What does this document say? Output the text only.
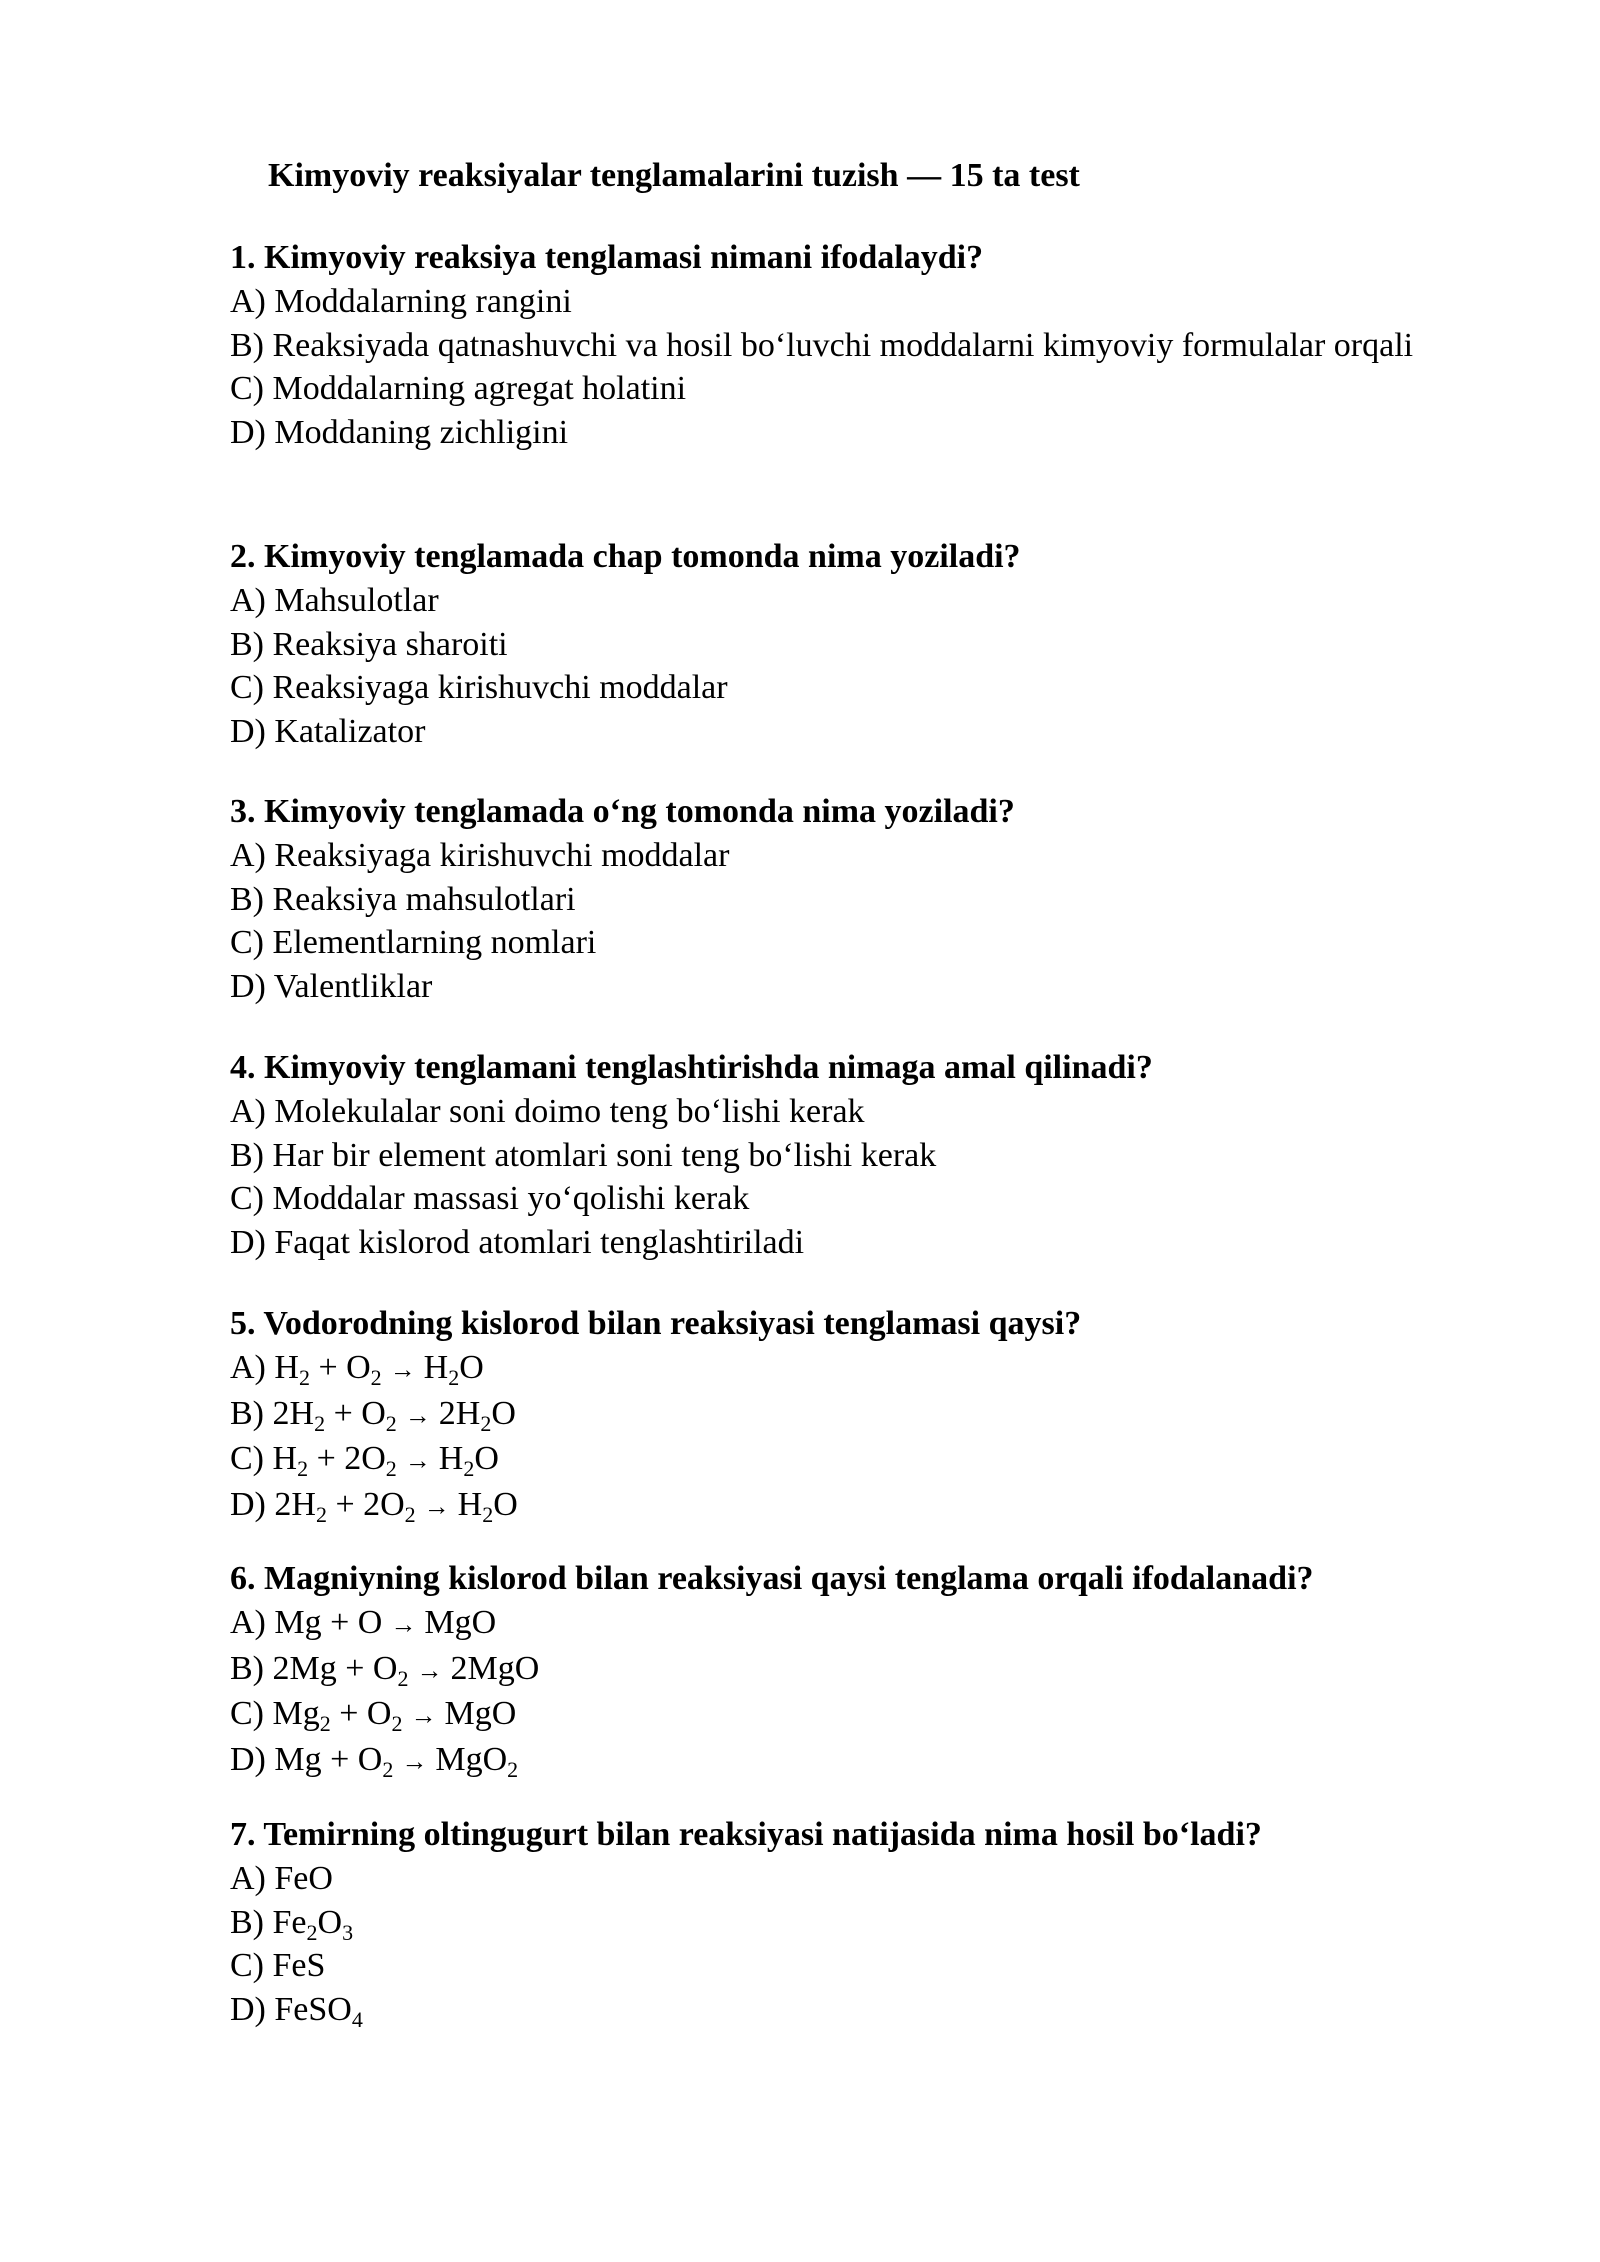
Kimyoviy reaksiyalar tenglamalarini tuzish — 15 ta test
1. Kimyoviy reaksiya tenglamasi nimani ifodalaydi?
A) Moddalarning rangini
B) Reaksiyada qatnashuvchi va hosil bo‘luvchi moddalarni kimyoviy formulalar orqali
C) Moddalarning agregat holatini
D) Moddaning zichligini
2. Kimyoviy tenglamada chap tomonda nima yoziladi?
A) Mahsulotlar
B) Reaksiya sharoiti
C) Reaksiyaga kirishuvchi moddalar
D) Katalizator
3. Kimyoviy tenglamada o‘ng tomonda nima yoziladi?
A) Reaksiyaga kirishuvchi moddalar
B) Reaksiya mahsulotlari
C) Elementlarning nomlari
D) Valentliklar
4. Kimyoviy tenglamani tenglashtirishda nimaga amal qilinadi?
A) Molekulalar soni doimo teng bo‘lishi kerak
B) Har bir element atomlari soni teng bo‘lishi kerak
C) Moddalar massasi yo‘qolishi kerak
D) Faqat kislorod atomlari tenglashtiriladi
5. Vodorodning kislorod bilan reaksiyasi tenglamasi qaysi?
A) $H_2 + O_2 \to H_2O$
B) $2H_2 + O_2 \to 2H_2O$
C) $H_2 + 2O_2 \to H_2O$
D) $2H_2 + 2O_2 \to H_2O$
6. Magniyning kislorod bilan reaksiyasi qaysi tenglama orqali ifodalanadi?
A) Mg + O → MgO
B) $2Mg + O_2 \to 2MgO$
C) $Mg_2 + O_2$ → MgO
D) $Mg + O_2 \to MgO_2$
7. Temirning oltingugurt bilan reaksiyasi natijasida nima hosil bo‘ladi?
A) FeO
B) $Fe_2O_3$
C) FeS
D) FeSO$_4$
